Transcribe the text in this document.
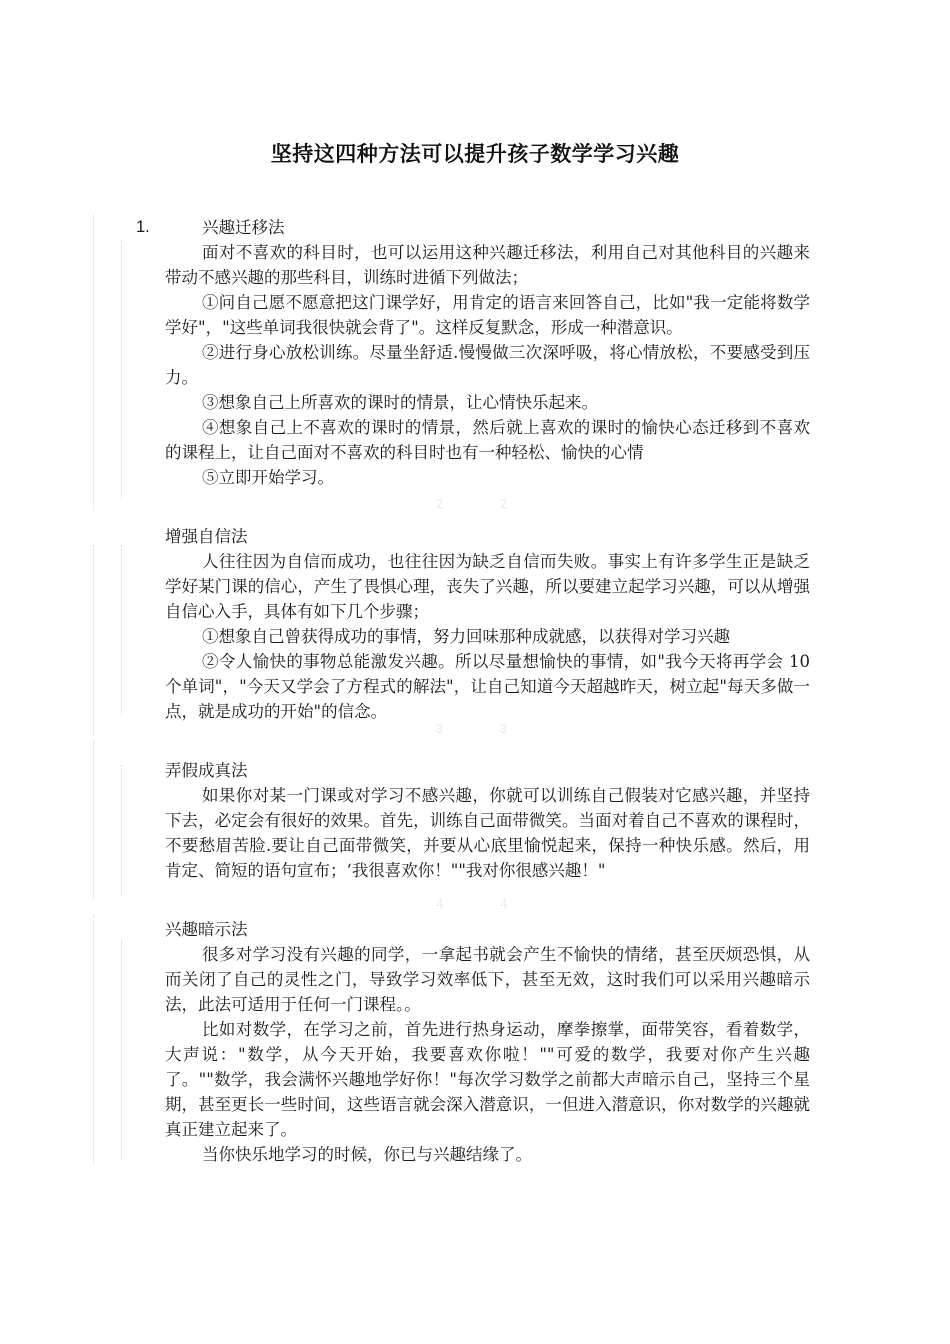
坚持这四种方法可以提升孩子数学学习兴趣
2	2
3	3
4	4
1.	兴趣迁移法

面对不喜欢的科目时，也可以运用这种兴趣迁移法，利用自己对其他科目的兴趣来带动不感兴趣的那些科目，训练时进循下列做法；

①问自己愿不愿意把这门课学好，用肯定的语言来回答自己，比如"我一定能将数学学好"，"这些单词我很快就会背了"。这样反复默念，形成一种潜意识。

②进行身心放松训练。尽量坐舒适.慢慢做三次深呼吸，将心情放松，不要感受到压力。

③想象自己上所喜欢的课时的情景，让心情快乐起来。

④想象自己上不喜欢的课时的情景，然后就上喜欢的课时的愉快心态迁移到不喜欢的课程上，让自己面对不喜欢的科目时也有一种轻松、愉快的心情

⑤立即开始学习。

增强自信法

人往往因为自信而成功，也往往因为缺乏自信而失败。事实上有许多学生正是缺乏学好某门课的信心，产生了畏惧心理，丧失了兴趣，所以要建立起学习兴趣，可以从增强自信心入手，具体有如下几个步骤；

①想象自己曾获得成功的事情，努力回味那种成就感，以获得对学习兴趣

②令人愉快的事物总能激发兴趣。所以尽量想愉快的事情，如"我今天将再学会 10 个单词"，"今天又学会了方程式的解法"，让自己知道今天超越昨天，树立起"每天多做一点，就是成功的开始"的信念。

弄假成真法

如果你对某一门课或对学习不感兴趣，你就可以训练自己假装对它感兴趣，并坚持下去，必定会有很好的效果。首先，训练自己面带微笑。当面对着自己不喜欢的课程时，不要愁眉苦脸.要让自己面带微笑，并要从心底里愉悦起来，保持一种快乐感。然后，用肯定、简短的语句宣布；‘我很喜欢你！""我对你很感兴趣！"

兴趣暗示法

很多对学习没有兴趣的同学，一拿起书就会产生不愉快的情绪，甚至厌烦恐惧，从而关闭了自己的灵性之门，导致学习效率低下，甚至无效，这时我们可以采用兴趣暗示法，此法可适用于任何一门课程。。

比如对数学，在学习之前，首先进行热身运动，摩拳擦掌，面带笑容，看着数学，大声说："数学，从今天开始，我要喜欢你啦！""可爱的数学，我要对你产生兴趣了。""数学，我会满怀兴趣地学好你！"每次学习数学之前都大声暗示自己，坚持三个星期，甚至更长一些时间，这些语言就会深入潜意识，一但进入潜意识，你对数学的兴趣就真正建立起来了。

当你快乐地学习的时候，你已与兴趣结缘了。
